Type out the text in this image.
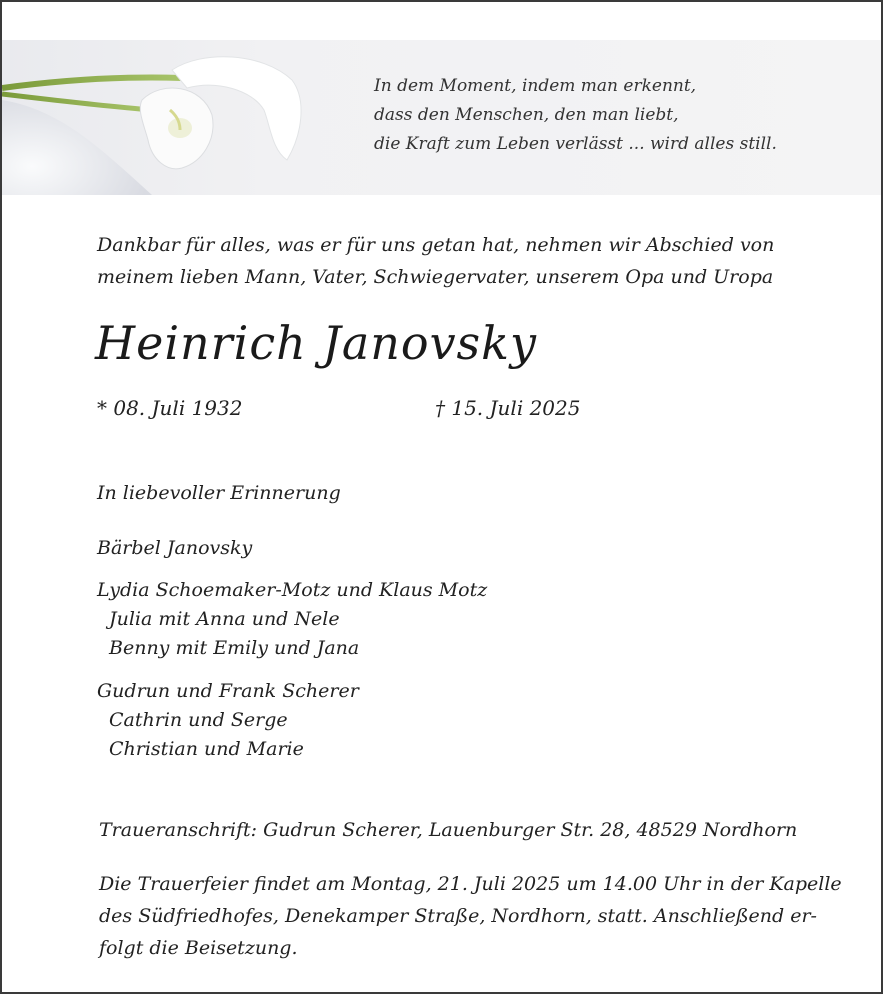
In dem Moment, indem man erkennt,
dass den Menschen, den man liebt,
die Kraft zum Leben verlässt ... wird alles still.
Dankbar für alles, was er für uns getan hat, nehmen wir Abschied von
meinem lieben Mann, Vater, Schwiegervater, unserem Opa und Uropa
Heinrich Janovsky
* 08. Juli 1932	† 15. Juli 2025
In liebevoller Erinnerung
Bärbel Janovsky
Lydia Schoemaker-Motz und Klaus Motz
Julia mit Anna und Nele
Benny mit Emily und Jana
Gudrun und Frank Scherer
Cathrin und Serge
Christian und Marie
Traueranschrift: Gudrun Scherer, Lauenburger Str. 28, 48529 Nordhorn
Die Trauerfeier findet am Montag, 21. Juli 2025 um 14.00 Uhr in der Kapelle
des Südfriedhofes, Denekamper Straße, Nordhorn, statt. Anschließend er-
folgt die Beisetzung.
